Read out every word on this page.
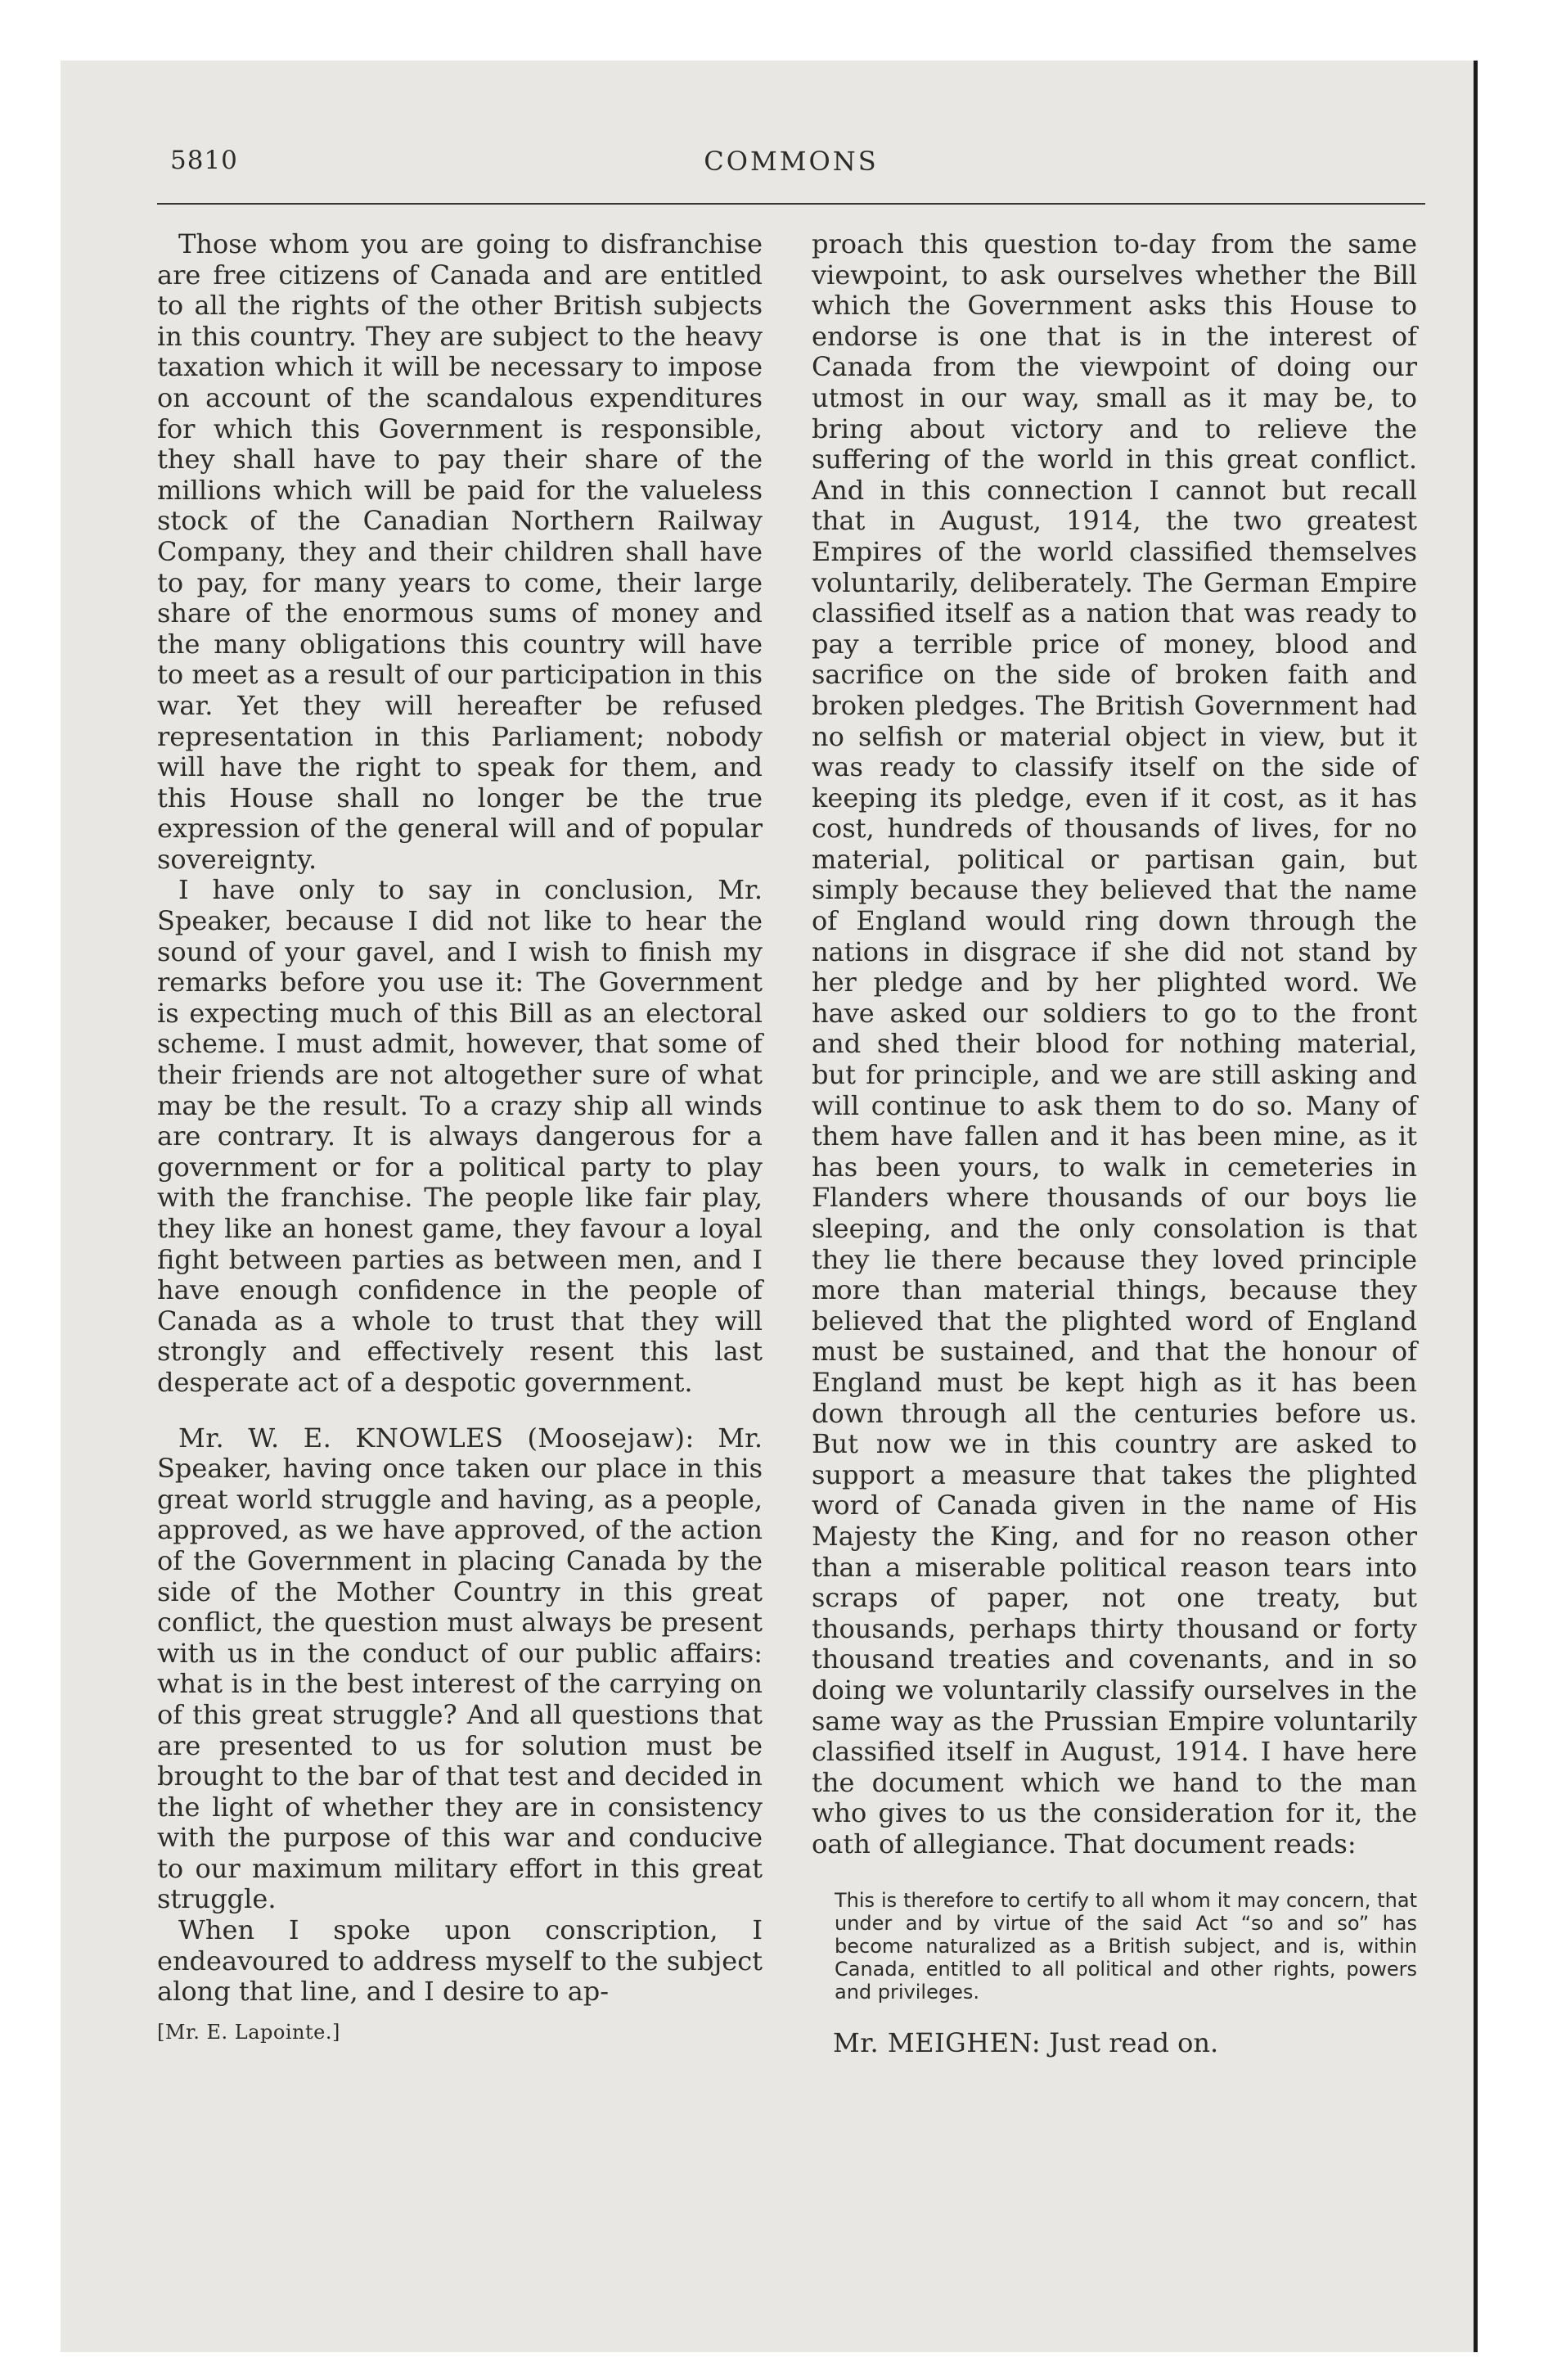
5810	COMMONS

Those whom you are going to disfranchise are free citizens of Canada and are entitled to all the rights of the other British subjects in this country. They are subject to the heavy taxation which it will be necessary to impose on account of the scandalous expenditures for which this Government is responsible, they shall have to pay their share of the millions which will be paid for the valueless stock of the Canadian Northern Railway Company, they and their children shall have to pay, for many years to come, their large share of the enormous sums of money and the many obligations this country will have to meet as a result of our participation in this war. Yet they will hereafter be refused representation in this Parliament; nobody will have the right to speak for them, and this House shall no longer be the true expression of the general will and of popular sovereignty.

I have only to say in conclusion, Mr. Speaker, because I did not like to hear the sound of your gavel, and I wish to finish my remarks before you use it: The Government is expecting much of this Bill as an electoral scheme. I must admit, however, that some of their friends are not altogether sure of what may be the result. To a crazy ship all winds are contrary. It is always dangerous for a government or for a political party to play with the franchise. The people like fair play, they like an honest game, they favour a loyal fight between parties as between men, and I have enough confidence in the people of Canada as a whole to trust that they will strongly and effectively resent this last desperate act of a despotic government.

Mr. W. E. KNOWLES (Moosejaw): Mr. Speaker, having once taken our place in this great world struggle and having, as a people, approved, as we have approved, of the action of the Government in placing Canada by the side of the Mother Country in this great conflict, the question must always be present with us in the conduct of our public affairs: what is in the best interest of the carrying on of this great struggle? And all questions that are presented to us for solution must be brought to the bar of that test and decided in the light of whether they are in consistency with the purpose of this war and conducive to our maximum military effort in this great struggle.

When I spoke upon conscription, I endeavoured to address myself to the subject along that line, and I desire to ap-

[Mr. E. Lapointe.]

proach this question to-day from the same viewpoint, to ask ourselves whether the Bill which the Government asks this House to endorse is one that is in the interest of Canada from the viewpoint of doing our utmost in our way, small as it may be, to bring about victory and to relieve the suffering of the world in this great conflict. And in this connection I cannot but recall that in August, 1914, the two greatest Empires of the world classified themselves voluntarily, deliberately. The German Empire classified itself as a nation that was ready to pay a terrible price of money, blood and sacrifice on the side of broken faith and broken pledges. The British Government had no selfish or material object in view, but it was ready to classify itself on the side of keeping its pledge, even if it cost, as it has cost, hundreds of thousands of lives, for no material, political or partisan gain, but simply because they believed that the name of England would ring down through the nations in disgrace if she did not stand by her pledge and by her plighted word. We have asked our soldiers to go to the front and shed their blood for nothing material, but for principle, and we are still asking and will continue to ask them to do so. Many of them have fallen and it has been mine, as it has been yours, to walk in cemeteries in Flanders where thousands of our boys lie sleeping, and the only consolation is that they lie there because they loved principle more than material things, because they believed that the plighted word of England must be sustained, and that the honour of England must be kept high as it has been down through all the centuries before us. But now we in this country are asked to support a measure that takes the plighted word of Canada given in the name of His Majesty the King, and for no reason other than a miserable political reason tears into scraps of paper, not one treaty, but thousands, perhaps thirty thousand or forty thousand treaties and covenants, and in so doing we voluntarily classify ourselves in the same way as the Prussian Empire voluntarily classified itself in August, 1914. I have here the document which we hand to the man who gives to us the consideration for it, the oath of allegiance. That document reads:

This is therefore to certify to all whom it may concern, that under and by virtue of the said Act “so and so” has become naturalized as a British subject, and is, within Canada, entitled to all political and other rights, powers and privileges.

Mr. MEIGHEN: Just read on.
